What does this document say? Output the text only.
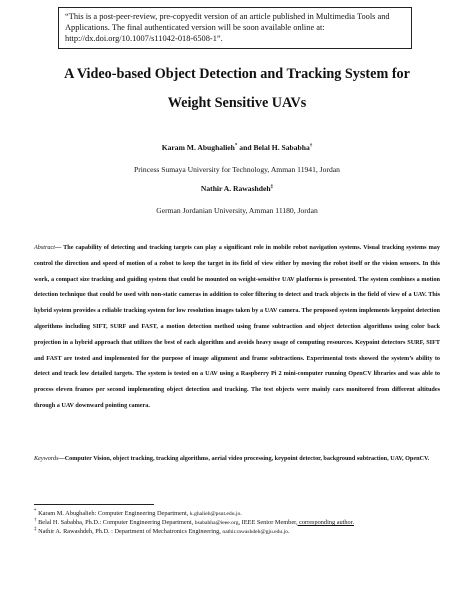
“This is a post-peer-review, pre-copyedit version of an article published in Multimedia Tools and Applications. The final authenticated version will be soon available online at: http://dx.doi.org/10.1007/s11042-018-6508-1”.
A Video-based Object Detection and Tracking System for
Weight Sensitive UAVs
Karam M. Abughalieh* and Belal H. Sababha†
Princess Sumaya University for Technology, Amman 11941, Jordan
Nathir A. Rawashdeh‡
German Jordanian University, Amman 11180, Jordan
Abstract— The capability of detecting and tracking targets can play a significant role in mobile robot navigation systems. Visual tracking systems may control the direction and speed of motion of a robot to keep the target in its field of view either by moving the robot itself or the vision sensors. In this work, a compact size tracking and guiding system that could be mounted on weight-sensitive UAV platforms is presented. The system combines a motion detection technique that could be used with non-static cameras in addition to color filtering to detect and track objects in the field of view of a UAV. This hybrid system provides a reliable tracking system for low resolution images taken by a UAV camera. The proposed system implements keypoint detection algorithms including SIFT, SURF and FAST, a motion detection method using frame subtraction and object detection algorithms using color back projection in a hybrid approach that utilizes the best of each algorithm and avoids heavy usage of computing resources. Keypoint detectors SURF, SIFT and FAST are tested and implemented for the purpose of image alignment and frame subtractions. Experimental tests showed the system’s ability to detect and track low detailed targets. The system is tested on a UAV using a Raspberry Pi 2 mini-computer running OpenCV libraries and was able to process eleven frames per second implementing object detection and tracking. The test objects were mainly cars monitored from different altitudes through a UAV downward pointing camera.
Keywords—Computer Vision, object tracking, tracking algorithms, aerial video processing, keypoint detector, background subtraction, UAV, OpenCV.
* Karam M. Abughalieh: Computer Engineering Department, k.ghalieh@psut.edu.jo.
† Belal H. Sababha, Ph.D.: Computer Engineering Department, bsababha@ieee.org, IEEE Senior Member, corresponding author.
‡ Nathir A. Rawashdeh, Ph.D. : Department of Mechatronics Engineering, nathir.rawashdeh@gju.edu.jo.
